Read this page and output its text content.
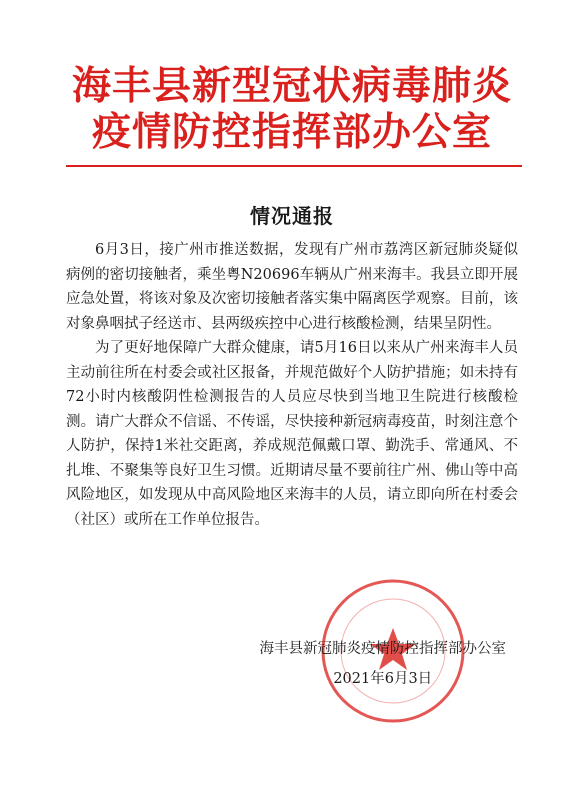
海丰县新型冠状病毒肺炎
疫情防控指挥部办公室
情况通报

6月3日，接广州市推送数据，发现有广州市荔湾区新冠肺炎疑似病例的密切接触者，乘坐粤N20696车辆从广州来海丰。我县立即开展应急处置，将该对象及次密切接触者落实集中隔离医学观察。目前，该对象鼻咽拭子经送市、县两级疾控中心进行核酸检测，结果呈阴性。

为了更好地保障广大群众健康，请5月16日以来从广州来海丰人员主动前往所在村委会或社区报备，并规范做好个人防护措施；如未持有72小时内核酸阴性检测报告的人员应尽快到当地卫生院进行核酸检测。请广大群众不信谣、不传谣，尽快接种新冠病毒疫苗，时刻注意个人防护，保持1米社交距离，养成规范佩戴口罩、勤洗手、常通风、不扎堆、不聚集等良好卫生习惯。近期请尽量不要前往广州、佛山等中高风险地区，如发现从中高风险地区来海丰的人员，请立即向所在村委会（社区）或所在工作单位报告。

海丰县新冠肺炎疫情防控指挥部办公室
2021年6月3日
